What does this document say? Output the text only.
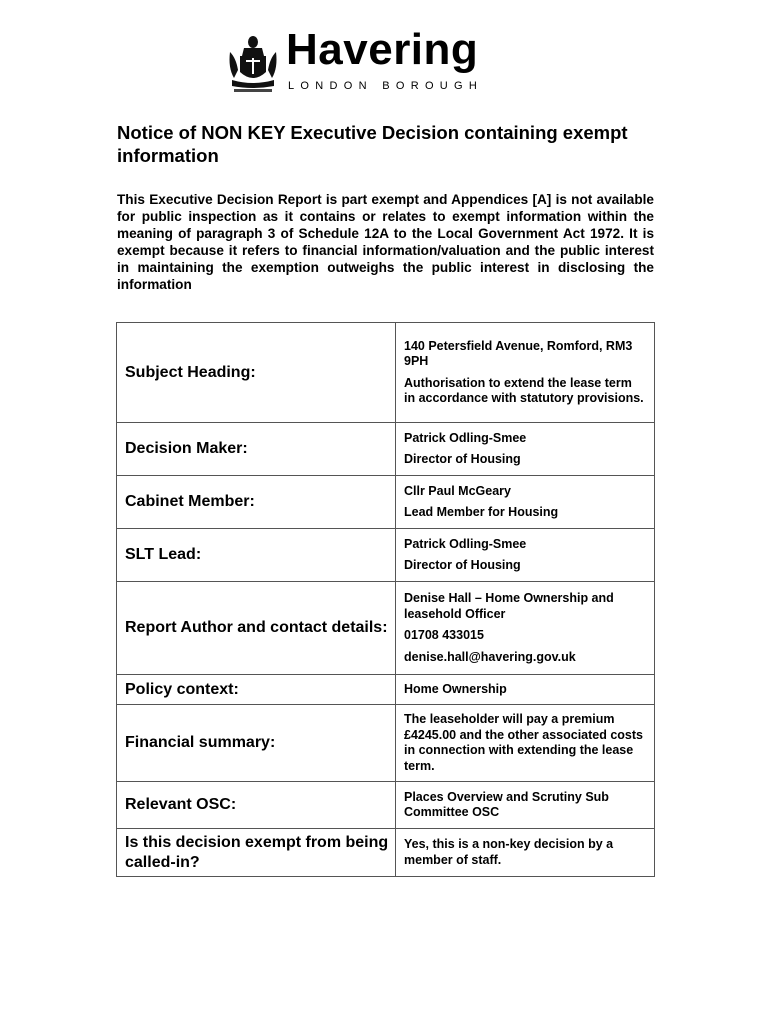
Havering
LONDON BOROUGH
Notice of NON KEY Executive Decision containing exempt information

This Executive Decision Report is part exempt and Appendices [A] is not available for public inspection as it contains or relates to exempt information within the meaning of paragraph 3 of Schedule 12A to the Local Government Act 1972. It is exempt because it refers to financial information/valuation and the public interest in maintaining the exemption outweighs the public interest in disclosing the information

Subject Heading:	140 Petersfield Avenue, Romford, RM3 9PH

Authorisation to extend the lease term in accordance with statutory provisions.

Decision Maker:	Patrick Odling-Smee

Director of Housing

Cabinet Member:	Cllr Paul McGeary

Lead Member for Housing

SLT Lead:	Patrick Odling-Smee

Director of Housing

Report Author and contact details:	Denise Hall – Home Ownership and leasehold Officer

01708 433015

denise.hall@havering.gov.uk

Policy context:	Home Ownership

Financial summary:	The leaseholder will pay a premium £4245.00 and the other associated costs in connection with extending the lease term.

Relevant OSC:	Places Overview and Scrutiny Sub Committee OSC

Is this decision exempt from being called-in?	Yes, this is a non-key decision by a member of staff.
